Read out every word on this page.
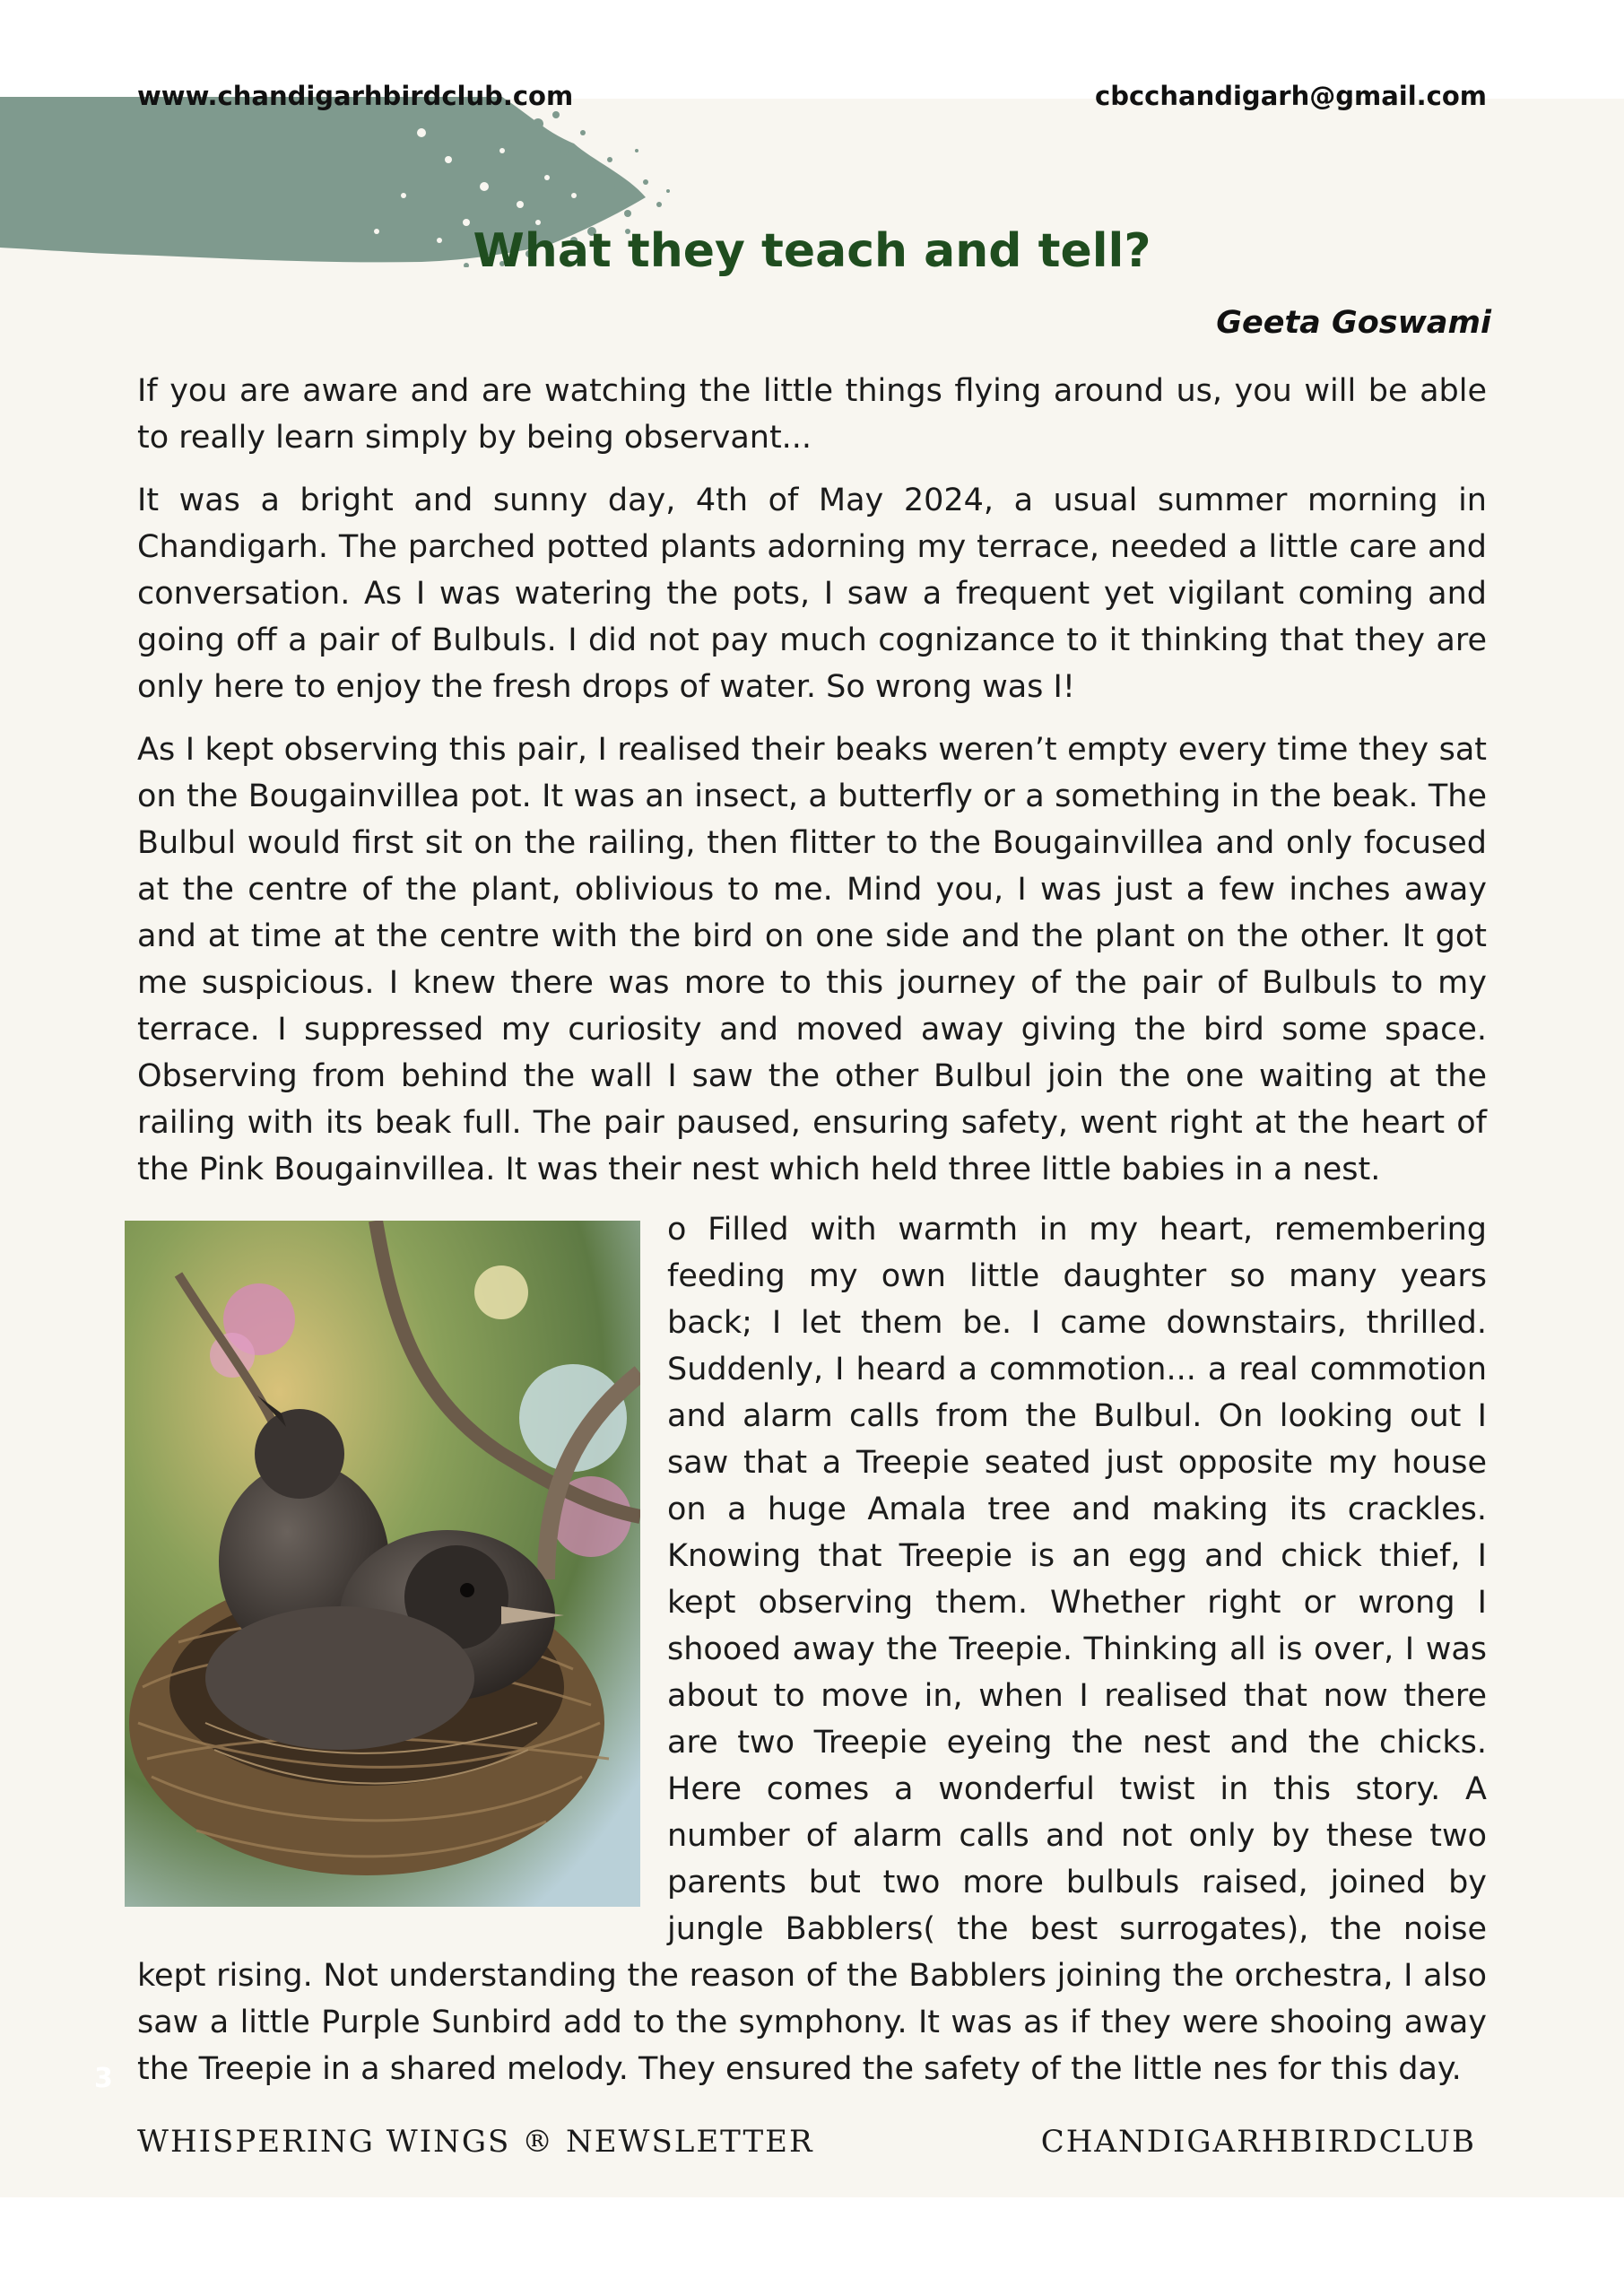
www.chandigarhbirdclub.com	cbcchandigarh@gmail.com
What they teach and tell?
Geeta Goswami

If you are aware and are watching the little things flying around us, you will be able to really learn simply by being observant...

It was a bright and sunny day, 4th of May 2024, a usual summer morning in Chandigarh. The parched potted plants adorning my terrace, needed a little care and conversation. As I was watering the pots, I saw a frequent yet vigilant coming and going off a pair of Bulbuls. I did not pay much cognizance to it thinking that they are only here to enjoy the fresh drops of water. So wrong was I!

As I kept observing this pair, I realised their beaks weren’t empty every time they sat on the Bougainvillea pot. It was an insect, a butterfly or a something in the beak. The Bulbul would first sit on the railing, then flitter to the Bougainvillea and only focused at the centre of the plant, oblivious to me. Mind you, I was just a few inches away and at time at the centre with the bird on one side and the plant on the other. It got me suspicious. I knew there was more to this journey of the pair of Bulbuls to my terrace. I suppressed my curiosity and moved away giving the bird some space. Observing from behind the wall I saw the other Bulbul join the one waiting at the railing with its beak full. The pair paused, ensuring safety, went right at the heart of the Pink Bougainvillea. It was their nest which held three little babies in a nest.

o Filled with warmth in my heart, remembering feeding my own little daughter so many years back; I let them be. I came downstairs, thrilled. Suddenly, I heard a commotion... a real commotion and alarm calls from the Bulbul. On looking out I saw that a Treepie seated just opposite my house on a huge Amala tree and making its crackles. Knowing that Treepie is an egg and chick thief, I kept observing them. Whether right or wrong I shooed away the Treepie. Thinking all is over, I was about to move in, when I realised that now there are two Treepie eyeing the nest and the chicks. Here comes a wonderful twist in this story. A number of alarm calls and not only by these two parents but two more bulbuls raised, joined by jungle Babblers( the best surrogates), the noise kept rising. Not understanding the reason of the Babblers joining the orchestra, I also saw a little Purple Sunbird add to the symphony. It was as if they were shooing away the Treepie in a shared melody. They ensured the safety of the little nes for this day.
3
WHISPERING WINGS ® NEWSLETTER	CHANDIGARHBIRDCLUB
